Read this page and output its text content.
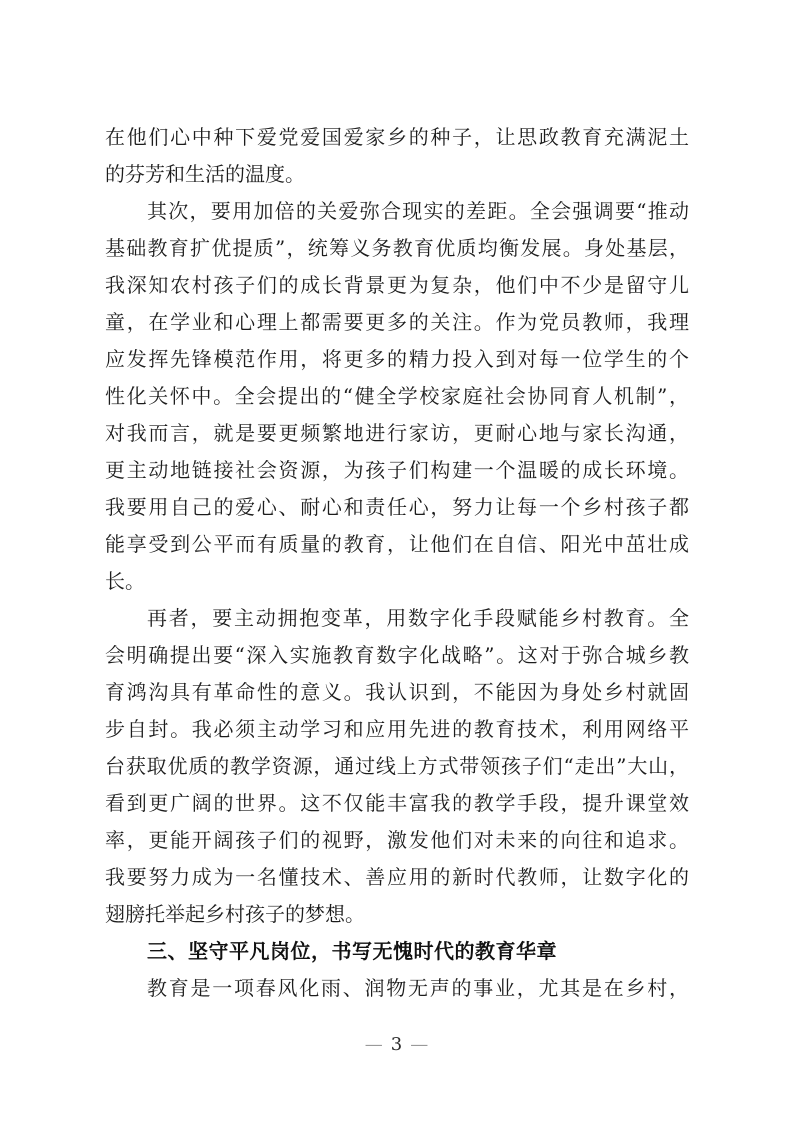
在他们心中种下爱党爱国爱家乡的种子，让思政教育充满泥土
的芬芳和生活的温度。
其次，要用加倍的关爱弥合现实的差距。全会强调要“推动
基础教育扩优提质”，统筹义务教育优质均衡发展。身处基层，
我深知农村孩子们的成长背景更为复杂，他们中不少是留守儿
童，在学业和心理上都需要更多的关注。作为党员教师，我理
应发挥先锋模范作用，将更多的精力投入到对每一位学生的个
性化关怀中。全会提出的“健全学校家庭社会协同育人机制”，
对我而言，就是要更频繁地进行家访，更耐心地与家长沟通，
更主动地链接社会资源，为孩子们构建一个温暖的成长环境。
我要用自己的爱心、耐心和责任心，努力让每一个乡村孩子都
能享受到公平而有质量的教育，让他们在自信、阳光中茁壮成
长。
再者，要主动拥抱变革，用数字化手段赋能乡村教育。全
会明确提出要“深入实施教育数字化战略”。这对于弥合城乡教
育鸿沟具有革命性的意义。我认识到，不能因为身处乡村就固
步自封。我必须主动学习和应用先进的教育技术，利用网络平
台获取优质的教学资源，通过线上方式带领孩子们“走出”大山，
看到更广阔的世界。这不仅能丰富我的教学手段，提升课堂效
率，更能开阔孩子们的视野，激发他们对未来的向往和追求。
我要努力成为一名懂技术、善应用的新时代教师，让数字化的
翅膀托举起乡村孩子的梦想。
三、坚守平凡岗位，书写无愧时代的教育华章
教育是一项春风化雨、润物无声的事业，尤其是在乡村，
— 3 —
